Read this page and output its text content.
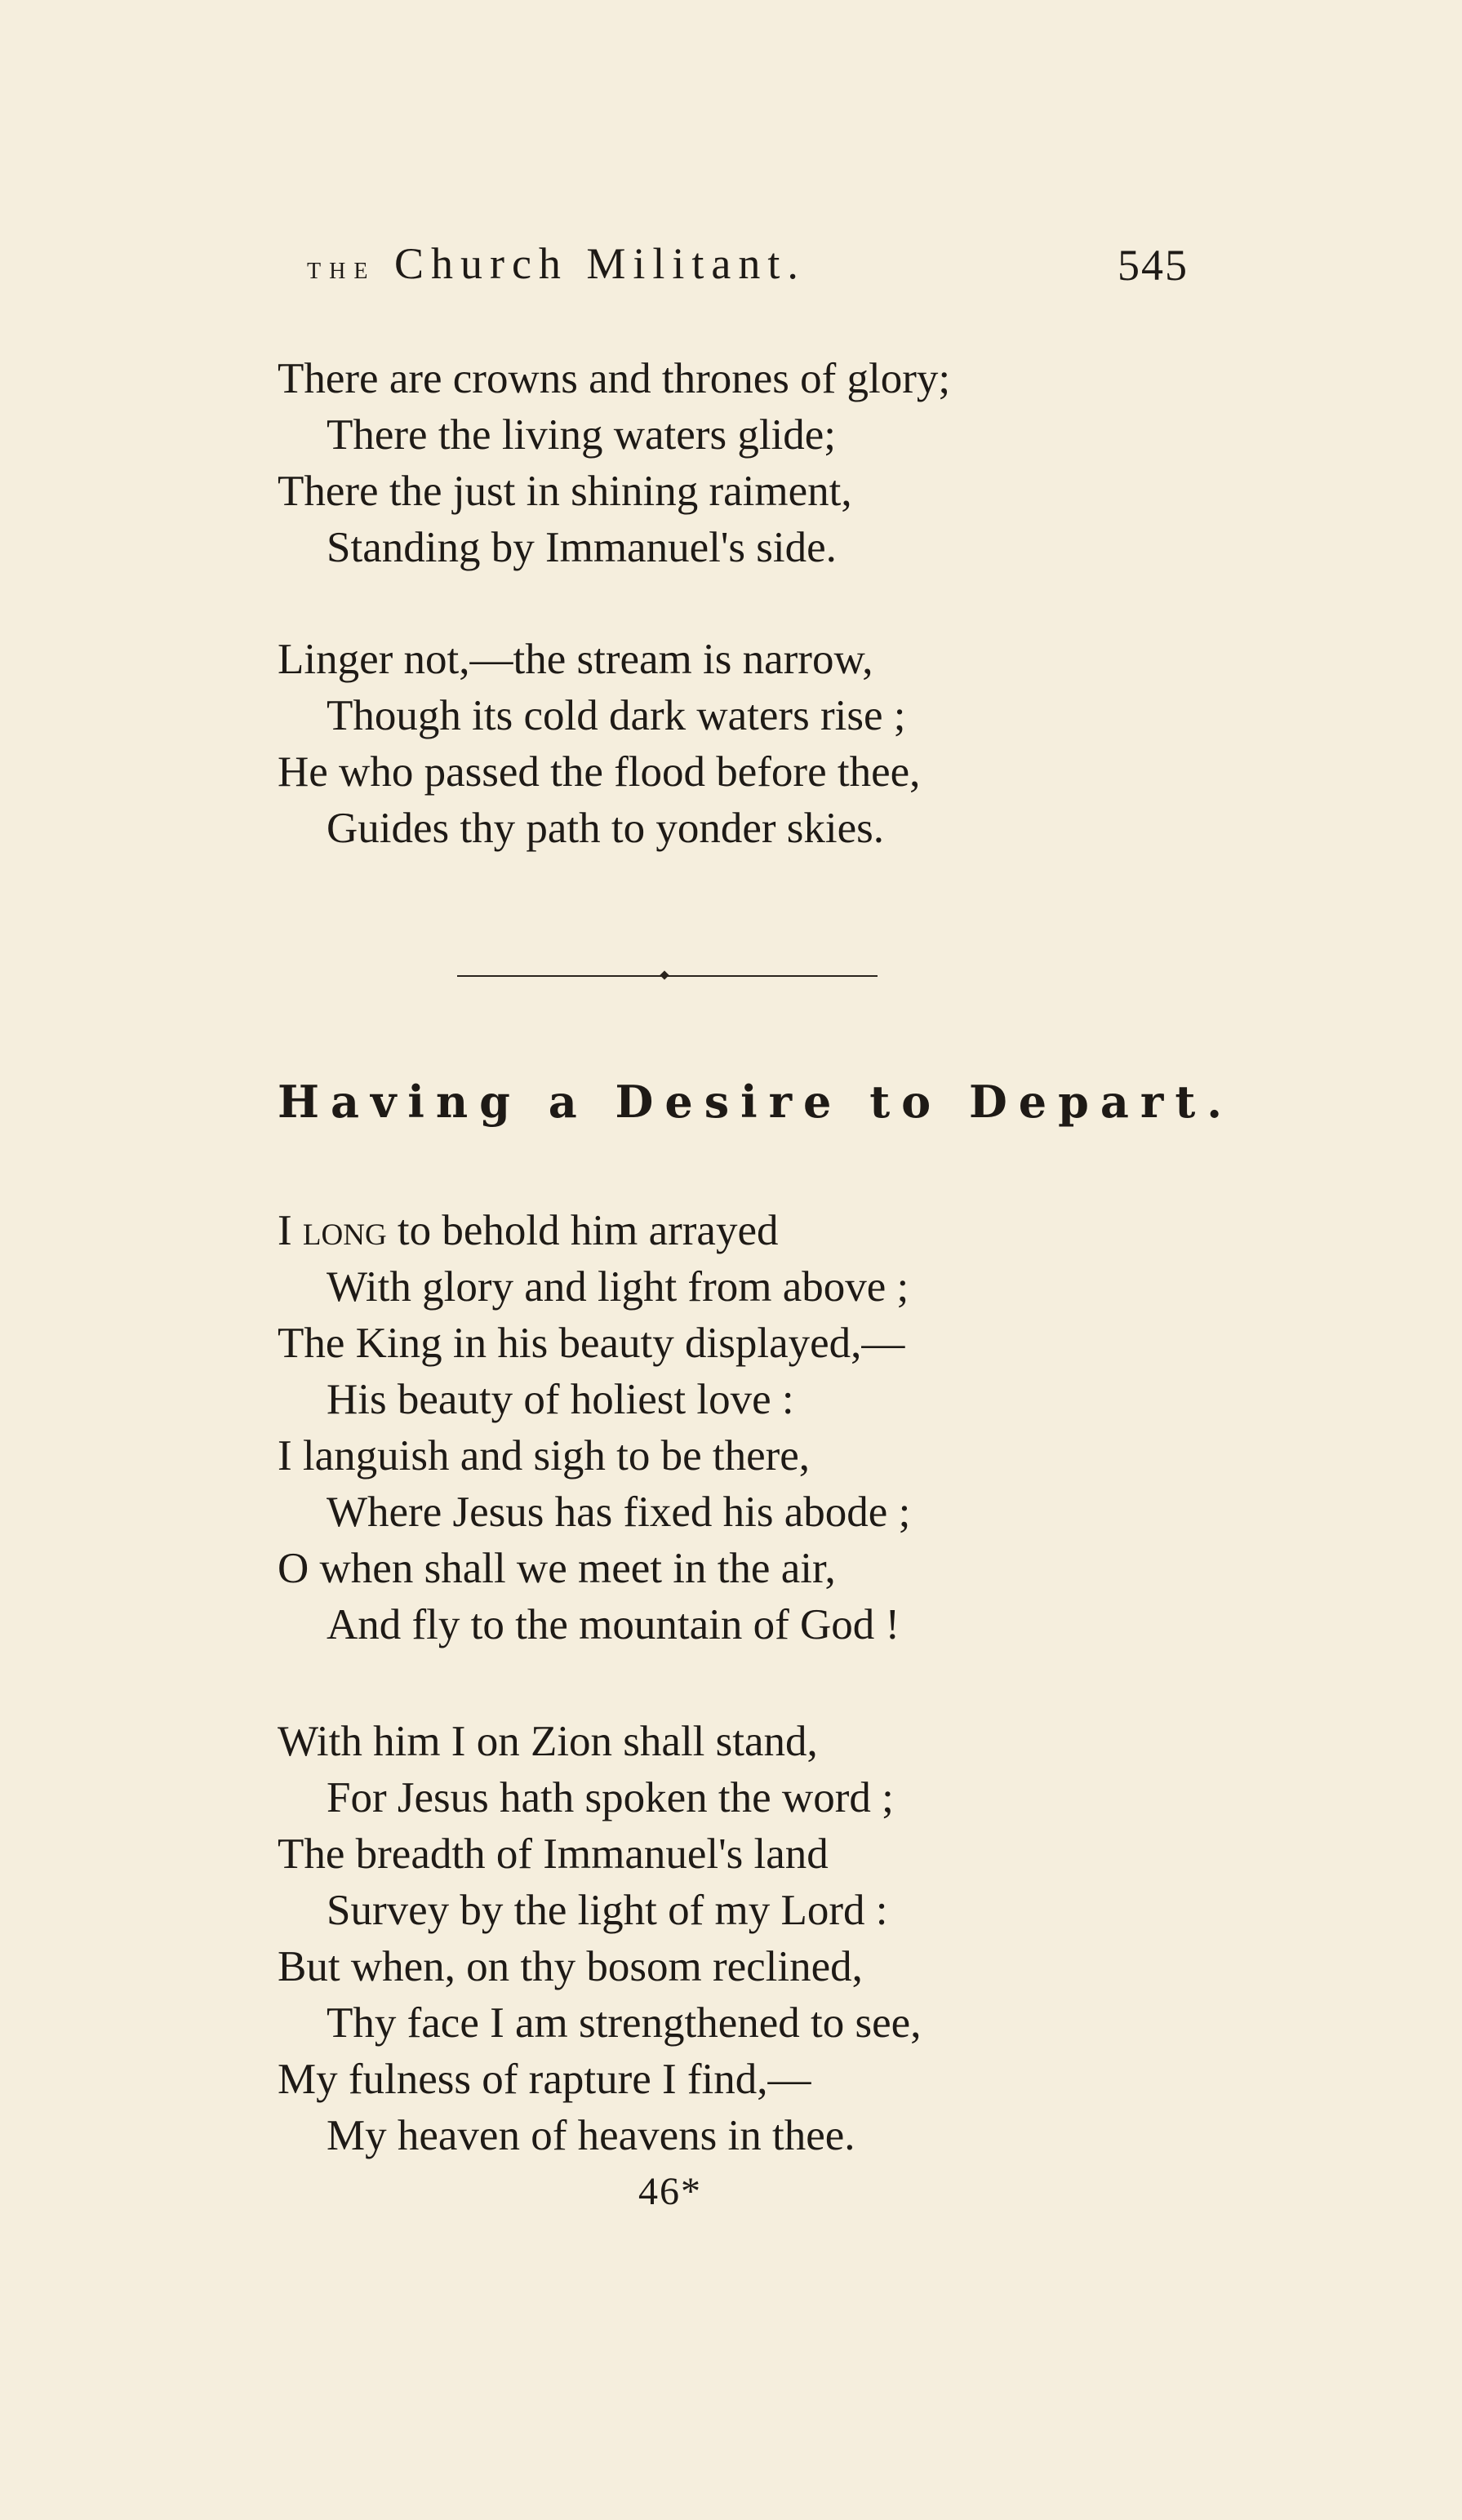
the Church Militant.	545
There are crowns and thrones of glory;
There the living waters glide;
There the just in shining raiment,
Standing by Immanuel's side.
Linger not,—the stream is narrow,
Though its cold dark waters rise ;
He who passed the flood before thee,
Guides thy path to yonder skies.
Having a Desire to Depart.
I long to behold him arrayed
With glory and light from above ;
The King in his beauty displayed,—
His beauty of holiest love :
I languish and sigh to be there,
Where Jesus has fixed his abode ;
O when shall we meet in the air,
And fly to the mountain of God !
With him I on Zion shall stand,
For Jesus hath spoken the word ;
The breadth of Immanuel's land
Survey by the light of my Lord :
But when, on thy bosom reclined,
Thy face I am strengthened to see,
My fulness of rapture I find,—
My heaven of heavens in thee.
46*
